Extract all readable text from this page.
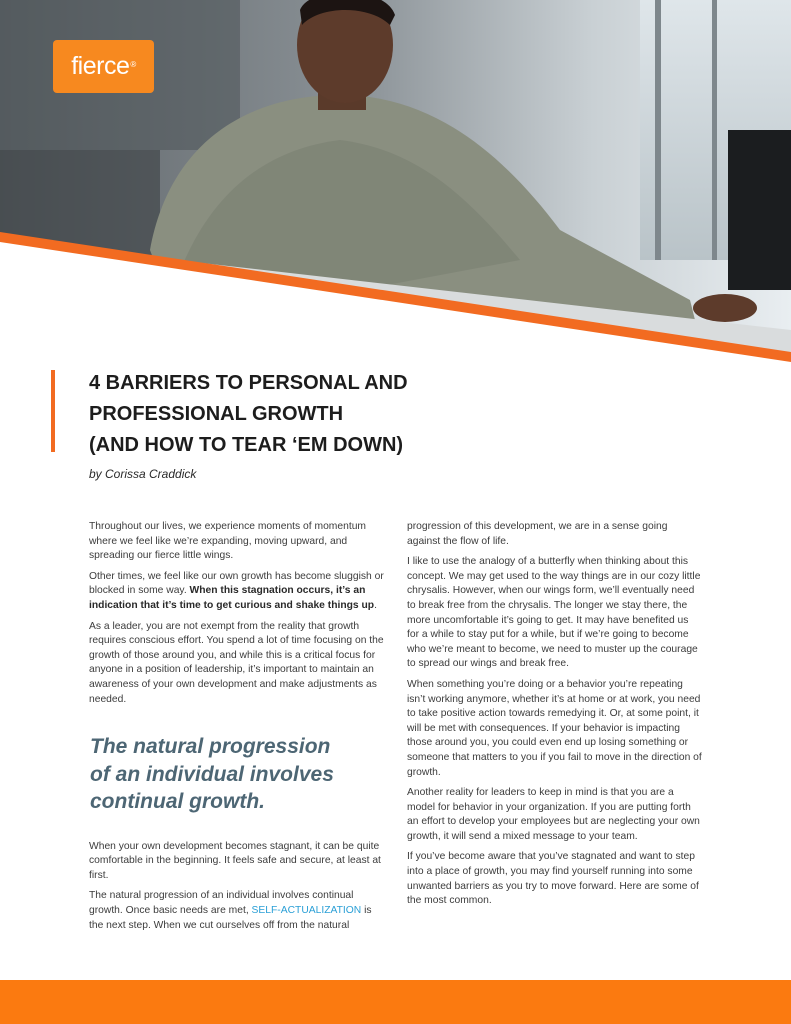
fierce®
4 BARRIERS TO PERSONAL AND
PROFESSIONAL GROWTH
(AND HOW TO TEAR ‘EM DOWN)
by Corissa Craddick

Throughout our lives, we experience moments of momentum where we feel like we’re expanding, moving upward, and spreading our fierce little wings.

Other times, we feel like our own growth has become sluggish or blocked in some way. When this stagnation occurs, it’s an indication that it’s time to get curious and shake things up.

As a leader, you are not exempt from the reality that growth requires conscious effort. You spend a lot of time focusing on the growth of those around you, and while this is a critical focus for anyone in a position of leadership, it’s important to maintain an awareness of your own development and make adjustments as needed.

The natural progression
of an individual involves
continual growth.

When your own development becomes stagnant, it can be quite comfortable in the beginning. It feels safe and secure, at least at first.

The natural progression of an individual involves continual growth. Once basic needs are met, SELF-ACTUALIZATION is the next step. When we cut ourselves off from the natural

progression of this development, we are in a sense going against the flow of life.

I like to use the analogy of a butterfly when thinking about this concept. We may get used to the way things are in our cozy little chrysalis. However, when our wings form, we’ll eventually need to break free from the chrysalis. The longer we stay there, the more uncomfortable it’s going to get. It may have benefited us for a while to stay put for a while, but if we’re going to become who we’re meant to become, we need to muster up the courage to spread our wings and break free.

When something you’re doing or a behavior you’re repeating isn’t working anymore, whether it’s at home or at work, you need to take positive action towards remedying it. Or, at some point, it will be met with consequences. If your behavior is impacting those around you, you could even end up losing something or someone that matters to you if you fail to move in the direction of growth.

Another reality for leaders to keep in mind is that you are a model for behavior in your organization. If you are putting forth an effort to develop your employees but are neglecting your own growth, it will send a mixed message to your team.

If you’ve become aware that you’ve stagnated and want to step into a place of growth, you may find yourself running into some unwanted barriers as you try to move forward. Here are some of the most common.
